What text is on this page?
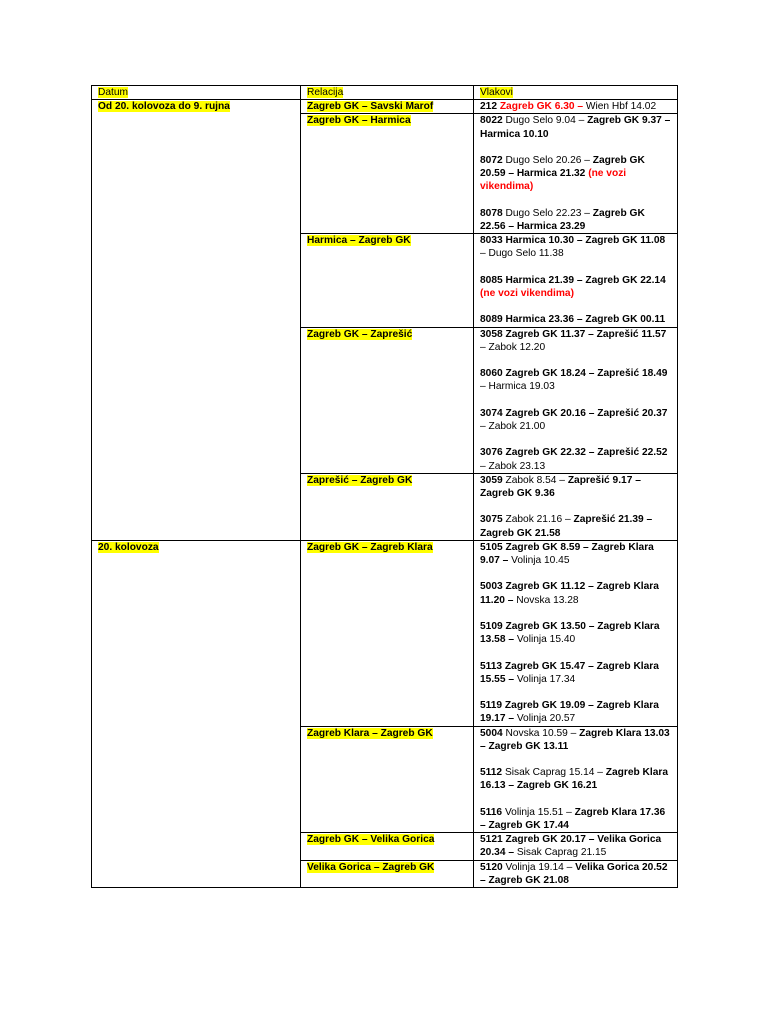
Datum	Relacija	Vlakovi
Od 20. kolovoza do 9. rujna	Zagreb GK – Savski Marof	212 Zagreb GK 6.30 – Wien Hbf 14.02

	Zagreb GK – Harmica	8022 Dugo Selo 9.04 – Zagreb GK 9.37 – Harmica 10.10

8072 Dugo Selo 20.26 – Zagreb GK 20.59 – Harmica 21.32 (ne vozi vikendima)

8078 Dugo Selo 22.23 – Zagreb GK 22.56 – Harmica 23.29

	Harmica – Zagreb GK	8033 Harmica 10.30 – Zagreb GK 11.08 – Dugo Selo 11.38

8085 Harmica 21.39 – Zagreb GK 22.14 (ne vozi vikendima)

8089 Harmica 23.36 – Zagreb GK 00.11

	Zagreb GK – Zaprešić	3058 Zagreb GK 11.37 – Zaprešić 11.57 – Zabok 12.20

8060 Zagreb GK 18.24 – Zaprešić 18.49 – Harmica 19.03

3074 Zagreb GK 20.16 – Zaprešić 20.37 – Zabok 21.00

3076 Zagreb GK 22.32 – Zaprešić 22.52 – Zabok 23.13

	Zaprešić – Zagreb GK	3059 Zabok 8.54 – Zaprešić 9.17 – Zagreb GK 9.36

3075 Zabok 21.16 – Zaprešić 21.39 – Zagreb GK 21.58

20. kolovoza	Zagreb GK – Zagreb Klara	5105 Zagreb GK 8.59 – Zagreb Klara 9.07 – Volinja 10.45

5003 Zagreb GK 11.12 – Zagreb Klara 11.20 – Novska 13.28

5109 Zagreb GK 13.50 – Zagreb Klara 13.58 – Volinja 15.40

5113 Zagreb GK 15.47 – Zagreb Klara 15.55 – Volinja 17.34

5119 Zagreb GK 19.09 – Zagreb Klara 19.17 – Volinja 20.57

	Zagreb Klara – Zagreb GK	5004 Novska 10.59 – Zagreb Klara 13.03 – Zagreb GK 13.11

5112 Sisak Caprag 15.14 – Zagreb Klara 16.13 – Zagreb GK 16.21

5116 Volinja 15.51 – Zagreb Klara 17.36 – Zagreb GK 17.44

	Zagreb GK – Velika Gorica	5121 Zagreb GK 20.17 – Velika Gorica 20.34 – Sisak Caprag 21.15

	Velika Gorica – Zagreb GK	5120 Volinja 19.14 – Velika Gorica 20.52 – Zagreb GK 21.08
